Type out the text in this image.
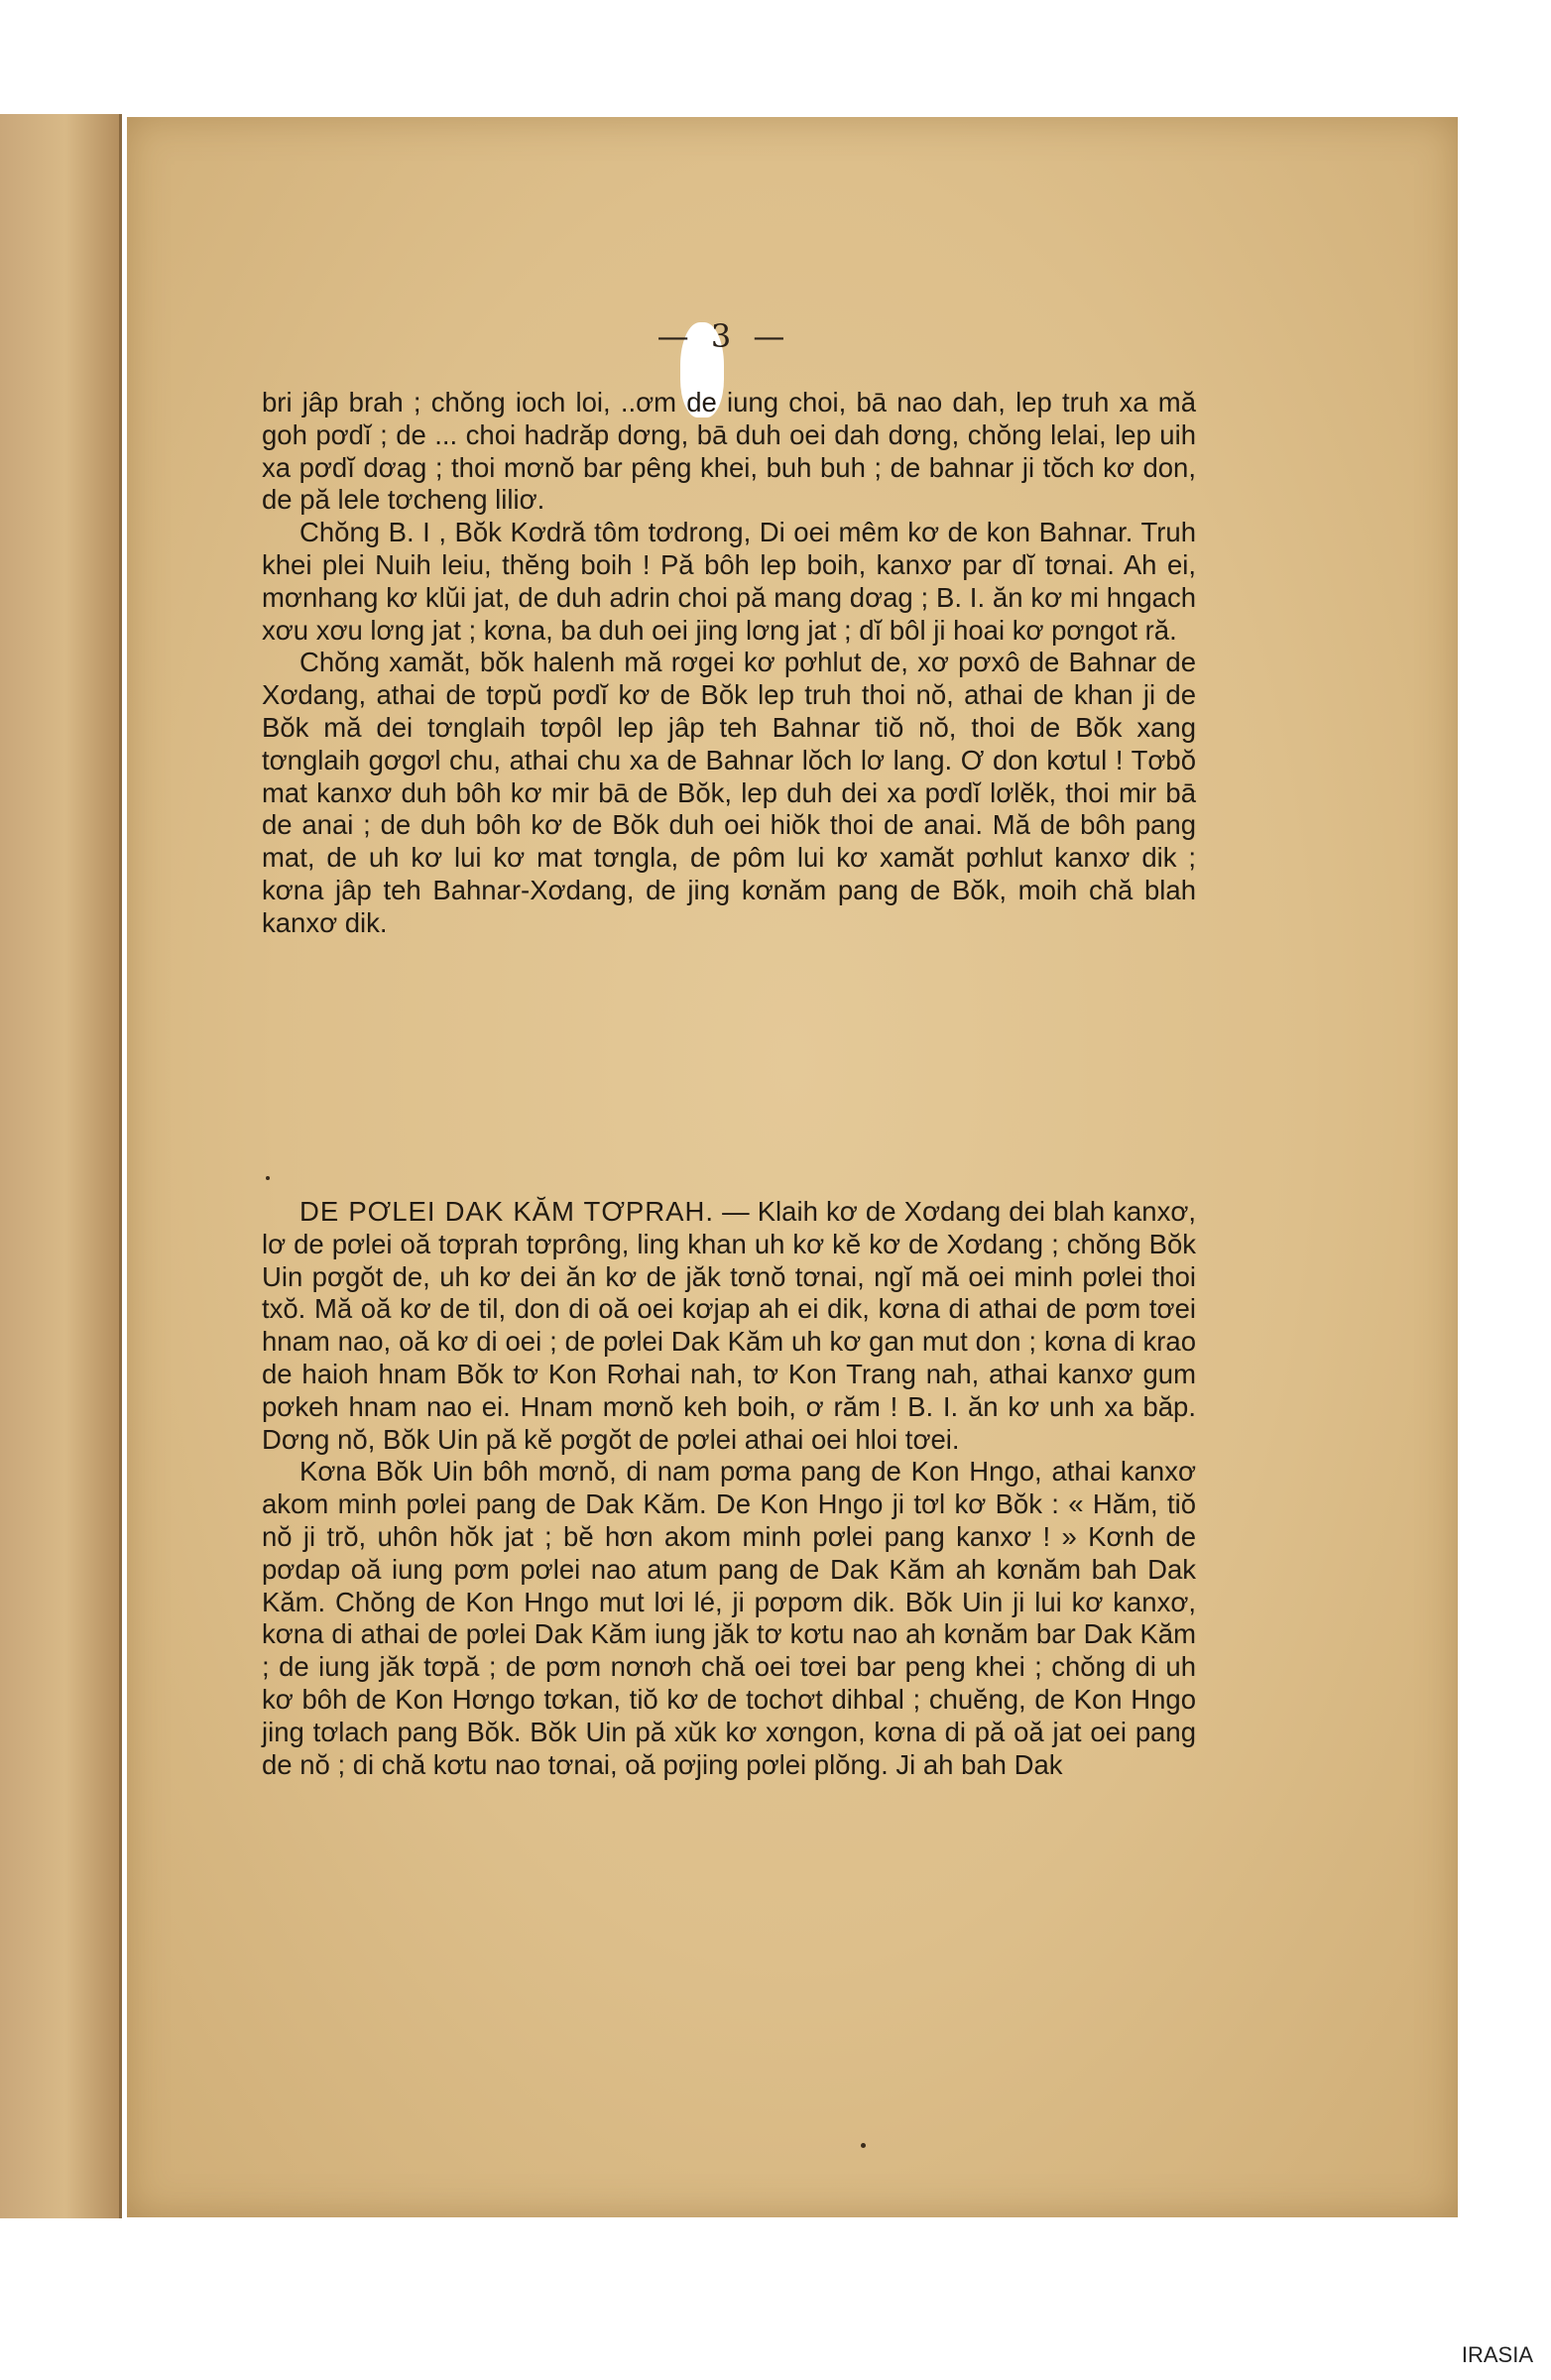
— 3 —

bri jâp brah ; chŏng ioch loi, ..ơm de iung choi, bā nao dah, lep truh xa mă goh pơdĭ ; de ... choi hadrăp dơng, bā duh oei dah dơng, chŏng lelai, lep uih xa pơdĭ dơag ; thoi mơnŏ bar pêng khei, buh buh ; de bahnar ji tŏch kơ don, de pă lele tơcheng liliơ.

Chŏng B. I , Bŏk Kơdră tôm tơdrong, Di oei mêm kơ de kon Bahnar. Truh khei plei Nuih leiu, thĕng boih ! Pă bôh lep boih, kanxơ par dĭ tơnai. Ah ei, mơnhang kơ klŭi jat, de duh adrin choi pă mang dơag ; B. I. ăn kơ mi hngach xơu xơu lơng jat ; kơna, ba duh oei jing lơng jat ; dĭ bôl ji hoai kơ pơngot ră.

Chŏng xamăt, bŏk halenh mă rơgei kơ pơhlut de, xơ pơxô de Bahnar de Xơdang, athai de tơpŭ pơdĭ kơ de Bŏk lep truh thoi nŏ, athai de khan ji de Bŏk mă dei tơnglaih tơpôl lep jâp teh Bahnar tiŏ nŏ, thoi de Bŏk xang tơnglaih gơgơl chu, athai chu xa de Bahnar lŏch lơ lang. Ơ don kơtul ! Tơbŏ mat kanxơ duh bôh kơ mir bā de Bŏk, lep duh dei xa pơdĭ lơlĕk, thoi mir bā de anai ; de duh bôh kơ de Bŏk duh oei hiŏk thoi de anai. Mă de bôh pang mat, de uh kơ lui kơ mat tơngla, de pôm lui kơ xamăt pơhlut kanxơ dik ; kơna jâp teh Bahnar-Xơdang, de jing kơnăm pang de Bŏk, moih chă blah kanxơ dik.

DE PƠLEI DAK KĂM TƠPRAH. — Klaih kơ de Xơdang dei blah kanxơ, lơ de pơlei oă tơprah tơprông, ling khan uh kơ kĕ kơ de Xơdang ; chŏng Bŏk Uin pơgŏt de, uh kơ dei ăn kơ de jăk tơnŏ tơnai, ngĭ mă oei minh pơlei thoi txŏ. Mă oă kơ de til, don di oă oei kơjap ah ei dik, kơna di athai de pơm tơei hnam nao, oă kơ di oei ; de pơlei Dak Kăm uh kơ gan mut don ; kơna di krao de haioh hnam Bŏk tơ Kon Rơhai nah, tơ Kon Trang nah, athai kanxơ gum pơkeh hnam nao ei. Hnam mơnŏ keh boih, ơ răm ! B. I. ăn kơ unh xa băp. Dơng nŏ, Bŏk Uin pă kĕ pơgŏt de pơlei athai oei hloi tơei.

Kơna Bŏk Uin bôh mơnŏ, di nam pơma pang de Kon Hngo, athai kanxơ akom minh pơlei pang de Dak Kăm. De Kon Hngo ji tơl kơ Bŏk : « Hăm, tiŏ nŏ ji trŏ, uhôn hŏk jat ; bĕ hơn akom minh pơlei pang kanxơ ! » Kơnh de pơdap oă iung pơm pơlei nao atum pang de Dak Kăm ah kơnăm bah Dak Kăm. Chŏng de Kon Hngo mut lơi lé, ji pơpơm dik. Bŏk Uin ji lui kơ kanxơ, kơna di athai de pơlei Dak Kăm iung jăk tơ kơtu nao ah kơnăm bar Dak Kăm ; de iung jăk tơpă ; de pơm nơnơh chă oei tơei bar peng khei ; chŏng di uh kơ bôh de Kon Hơngo tơkan, tiŏ kơ de tochơt dihbal ; chuĕng, de Kon Hngo jing tơlach pang Bŏk. Bŏk Uin pă xŭk kơ xơngon, kơna di pă oă jat oei pang de nŏ ; di chă kơtu nao tơnai, oă pơjing pơlei plŏng. Ji ah bah Dak

IRASIA
